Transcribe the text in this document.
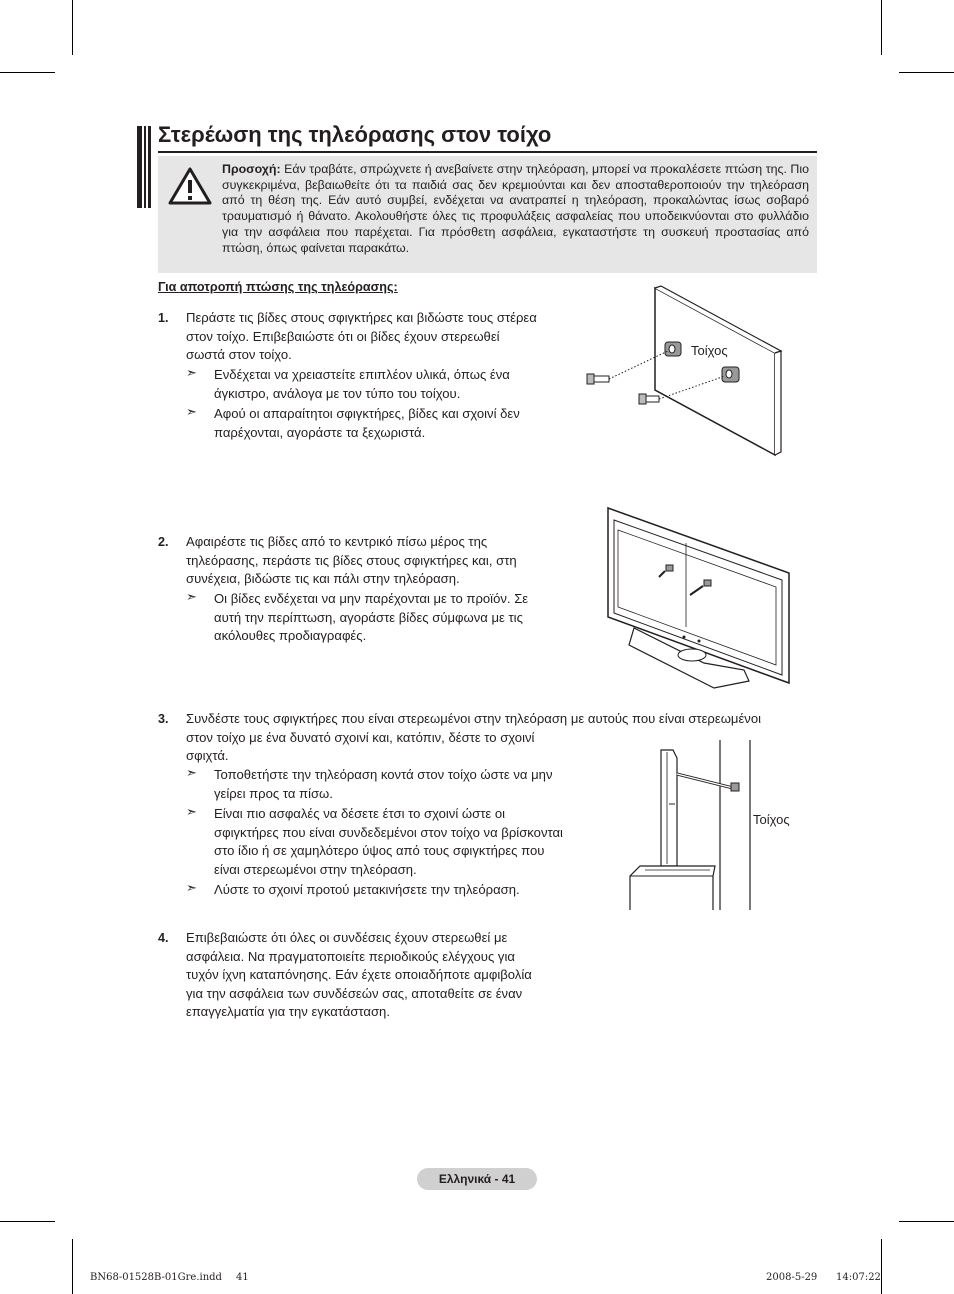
Στερέωση της τηλεόρασης στον τοίχο
Προσοχή: Εάν τραβάτε, σπρώχνετε ή ανεβαίνετε στην τηλεόραση, μπορεί να προκαλέσετε πτώση της. Πιο συγκεκριμένα, βεβαιωθείτε ότι τα παιδιά σας δεν κρεμιούνται και δεν αποσταθεροποιούν την τηλεόραση από τη θέση της. Εάν αυτό συμβεί, ενδέχεται να ανατραπεί η τηλεόραση, προκαλώντας ίσως σοβαρό τραυματισμό ή θάνατο. Ακολουθήστε όλες τις προφυλάξεις ασφαλείας που υποδεικνύονται στο φυλλάδιο για την ασφάλεια που παρέχεται. Για πρόσθετη ασφάλεια, εγκαταστήστε τη συσκευή προστασίας από πτώση, όπως φαίνεται παρακάτω.
Για αποτροπή πτώσης της τηλεόρασης:
1. Περάστε τις βίδες στους σφιγκτήρες και βιδώστε τους στέρεα
στον τοίχο. Επιβεβαιώστε ότι οι βίδες έχουν στερεωθεί
σωστά στον τοίχο.
➣ Ενδέχεται να χρειαστείτε επιπλέον υλικά, όπως ένα
άγκιστρο, ανάλογα με τον τύπο του τοίχου.
➣ Αφού οι απαραίτητοι σφιγκτήρες, βίδες και σχοινί δεν
παρέχονται, αγοράστε τα ξεχωριστά.
Τοίχος
2. Αφαιρέστε τις βίδες από το κεντρικό πίσω μέρος της
τηλεόρασης, περάστε τις βίδες στους σφιγκτήρες και, στη
συνέχεια, βιδώστε τις και πάλι στην τηλεόραση.
➣ Οι βίδες ενδέχεται να μην παρέχονται με το προϊόν. Σε
αυτή την περίπτωση, αγοράστε βίδες σύμφωνα με τις
ακόλουθες προδιαγραφές.
3. Συνδέστε τους σφιγκτήρες που είναι στερεωμένοι στην τηλεόραση με αυτούς που είναι στερεωμένοι
στον τοίχο με ένα δυνατό σχοινί και, κατόπιν, δέστε το σχοινί
σφιχτά.
➣ Τοποθετήστε την τηλεόραση κοντά στον τοίχο ώστε να μην
γείρει προς τα πίσω.
➣ Είναι πιο ασφαλές να δέσετε έτσι το σχοινί ώστε οι
σφιγκτήρες που είναι συνδεδεμένοι στον τοίχο να βρίσκονται
στο ίδιο ή σε χαμηλότερο ύψος από τους σφιγκτήρες που
είναι στερεωμένοι στην τηλεόραση.
➣ Λύστε το σχοινί προτού μετακινήσετε την τηλεόραση.
Τοίχος
4. Επιβεβαιώστε ότι όλες οι συνδέσεις έχουν στερεωθεί με
ασφάλεια. Να πραγματοποιείτε περιοδικούς ελέγχους για
τυχόν ίχνη καταπόνησης. Εάν έχετε οποιαδήποτε αμφιβολία
για την ασφάλεια των συνδέσεών σας, αποταθείτε σε έναν
επαγγελματία για την εγκατάσταση.
Ελληνικά - 41
BN68-01528B-01Gre.indd 41	2008-5-29 14:07:22
